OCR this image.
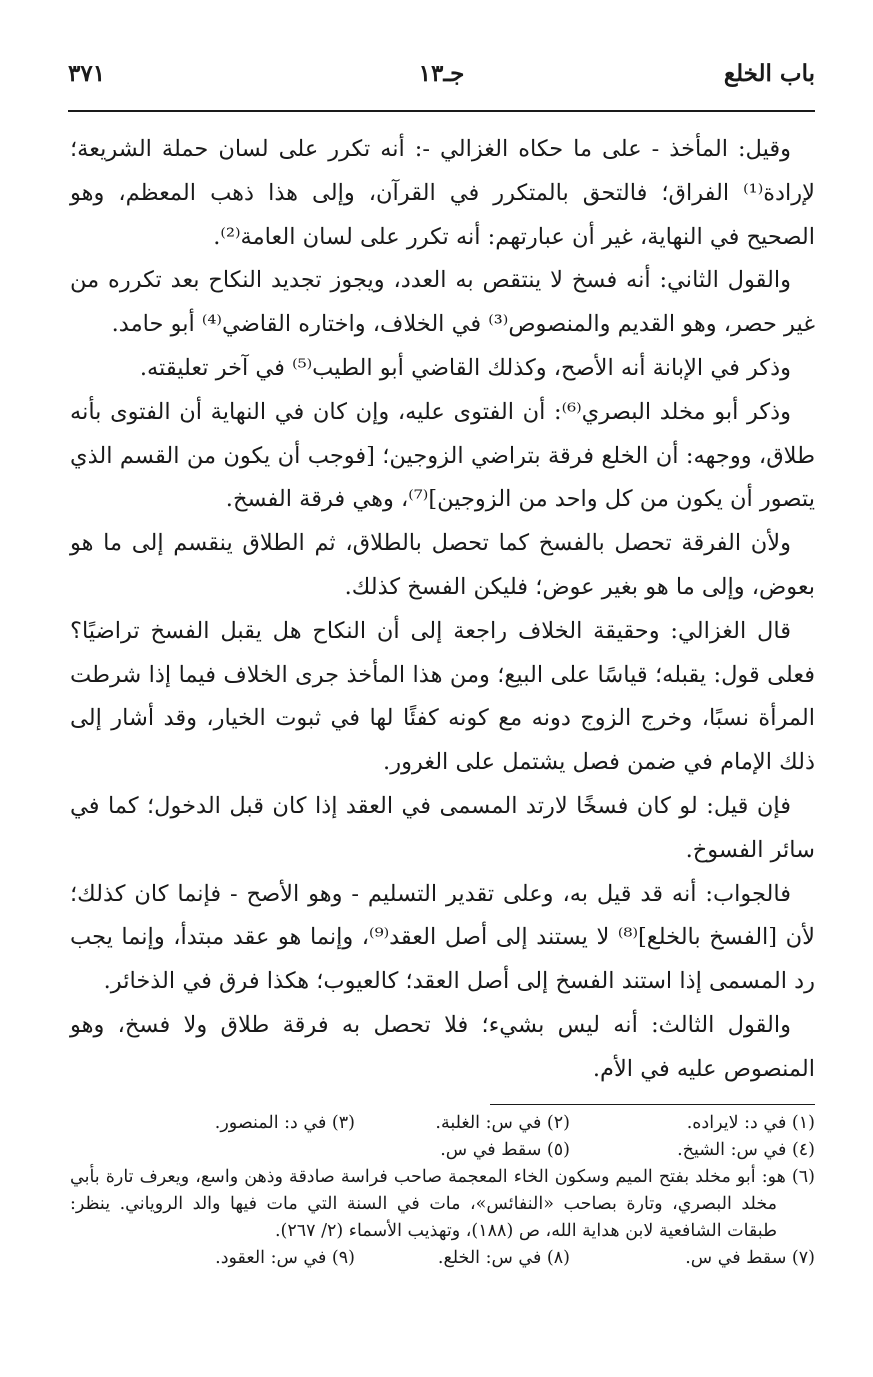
باب الخلع
جـ١٣
٣٧١

وقيل: المأخذ - على ما حكاه الغزالي -: أنه تكرر على لسان حملة الشريعة؛ لإرادة⁽¹⁾ الفراق؛ فالتحق بالمتكرر في القرآن، وإلى هذا ذهب المعظم، وهو الصحيح في النهاية، غير أن عبارتهم: أنه تكرر على لسان العامة⁽²⁾.

والقول الثاني: أنه فسخ لا ينتقص به العدد، ويجوز تجديد النكاح بعد تكرره من غير حصر، وهو القديم والمنصوص⁽³⁾ في الخلاف، واختاره القاضي⁽⁴⁾ أبو حامد.

وذكر في الإبانة أنه الأصح، وكذلك القاضي أبو الطيب⁽⁵⁾ في آخر تعليقته.

وذكر أبو مخلد البصري⁽⁶⁾: أن الفتوى عليه، وإن كان في النهاية أن الفتوى بأنه طلاق، ووجهه: أن الخلع فرقة بتراضي الزوجين؛ [فوجب أن يكون من القسم الذي يتصور أن يكون من كل واحد من الزوجين]⁽⁷⁾، وهي فرقة الفسخ.

ولأن الفرقة تحصل بالفسخ كما تحصل بالطلاق، ثم الطلاق ينقسم إلى ما هو بعوض، وإلى ما هو بغير عوض؛ فليكن الفسخ كذلك.

قال الغزالي: وحقيقة الخلاف راجعة إلى أن النكاح هل يقبل الفسخ تراضيًا؟ فعلى قول: يقبله؛ قياسًا على البيع؛ ومن هذا المأخذ جرى الخلاف فيما إذا شرطت المرأة نسبًا، وخرج الزوج دونه مع كونه كفئًا لها في ثبوت الخيار، وقد أشار إلى ذلك الإمام في ضمن فصل يشتمل على الغرور.

فإن قيل: لو كان فسخًا لارتد المسمى في العقد إذا كان قبل الدخول؛ كما في سائر الفسوخ.

فالجواب: أنه قد قيل به، وعلى تقدير التسليم - وهو الأصح - فإنما كان كذلك؛ لأن [الفسخ بالخلع]⁽⁸⁾ لا يستند إلى أصل العقد⁽⁹⁾، وإنما هو عقد مبتدأ، وإنما يجب رد المسمى إذا استند الفسخ إلى أصل العقد؛ كالعيوب؛ هكذا فرق في الذخائر.

والقول الثالث: أنه ليس بشيء؛ فلا تحصل به فرقة طلاق ولا فسخ، وهو المنصوص عليه في الأم.

(١) في د: لايراده.
(٢) في س: الغلبة.
(٣) في د: المنصور.
(٤) في س: الشيخ.
(٥) سقط في س.
(٦) هو: أبو مخلد بفتح الميم وسكون الخاء المعجمة صاحب فراسة صادقة وذهن واسع، ويعرف تارة بأبي مخلد البصري، وتارة بصاحب «النفائس»، مات في السنة التي مات فيها والد الروياني. ينظر: طبقات الشافعية لابن هداية الله، ص (١٨٨)، وتهذيب الأسماء (٢/ ٢٦٧).
(٧) سقط في س.
(٨) في س: الخلع.
(٩) في س: العقود.
